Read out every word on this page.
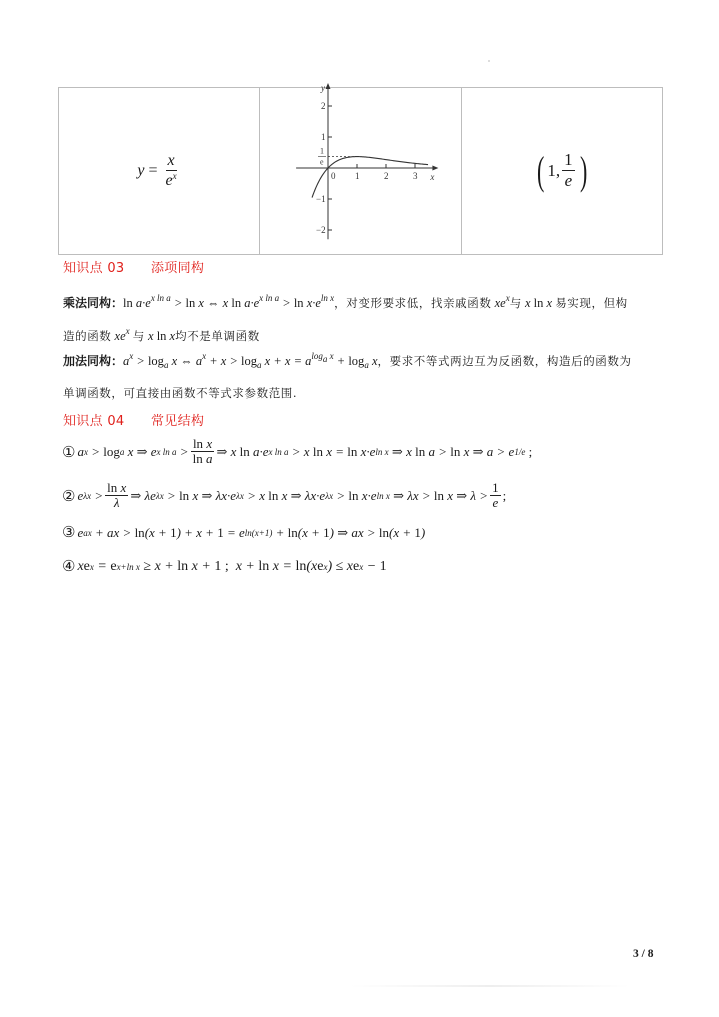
$y = \frac{x}{e^x}$	0 1	2	3
2
1
−1
−2
x
y
1
e	( 1 , $\frac{1}{e}$ )
知识点 03 添项同构
乘法同构：$\ln a\cdot e^{x ln a} > \ln x$ ⇔ x $\ln a\cdot e^{x ln a} > \ln x\cdot e^{ln x}$，对变形要求低，找亲戚函数 $xe^x$与 x ln x 易实现，但构
造的函数 $xe^x$ 与 x ln x均不是单调函数
加法同构：$a^x > \log_a x$ ⇔ $a^x + x > \log_a x + x = a^{log_a x} + \log_a x$，要求不等式两边互为反函数，构造后的函数为
单调函数，可直接由函数不等式求参数范围.
知识点 04 常见结构
① a x > log a x ⇒ e x $\ln a > \frac{\text{ln x}}{\text{ln a}}$ ⇒ x ln a·e x ln a > x ln x = ln x·e ln x ⇒ x ln a > ln x ⇒ a > e 1/e ;
② e $\lambda x > \frac{\text{ln x}}{\lambda}$ ⇒ λe λx > ln x ⇒ λx·e λx > x ln x ⇒ λx·e λx > ln x·e ln x ⇒ λx > ln x ⇒ $\lambda > \frac{1}{e}$ ;
③ e ax + ax > ln (x + 1 ) + x + 1 = e ln(x+1) + ln (x + 1 ) ⇒ ax > ln (x + 1 )
④ x e x = e x+ln x ≥ x + ln x + 1 ; x + ln x = ln (x e x ) ≤ x e x − 1
3 / 8
